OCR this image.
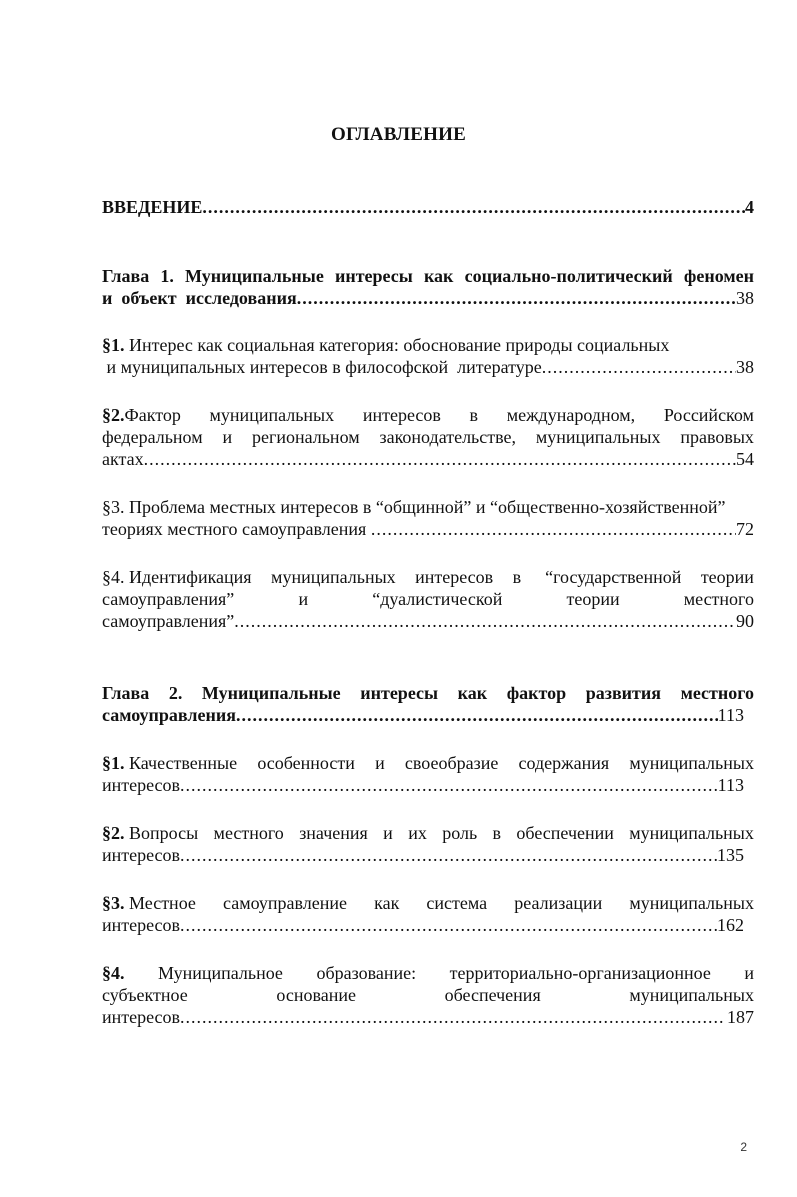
ОГЛАВЛЕНИЕ
ВВЕДЕНИЕ .....	4
Глава 1. Муниципальные интересы как социально-политический феномен
и  объект  исследования .....	38
§1.
Интерес как социальная категория: обоснование природы социальных
и муниципальных интересов в философской  литературе .....	38
§2.Фактор муниципальных интересов в международном, Российском
федеральном и региональном законодательстве, муниципальных правовых
актах .....	54
§3.
Проблема местных интересов в “общинной” и “общественно-хозяйственной”
теориях местного самоуправления .....	72
§4. Идентификация муниципальных интересов в “государственной теории
самоуправления”	и	“дуалистической	теории	местного
самоуправления” .....	90
Глава 2. Муниципальные интересы как фактор развития местного
самоуправления .....	113
§1. Качественные особенности и своеобразие содержания муниципальных
интересов .....	113
§2. Вопросы местного значения и их роль в обеспечении муниципальных
интересов .....	135
§3. Местное самоуправление как система реализации муниципальных
интересов .....	162
§4. Муниципальное образование: территориально-организационное и
субъектное	основание	обеспечения	муниципальных
интересов .....	187
2
